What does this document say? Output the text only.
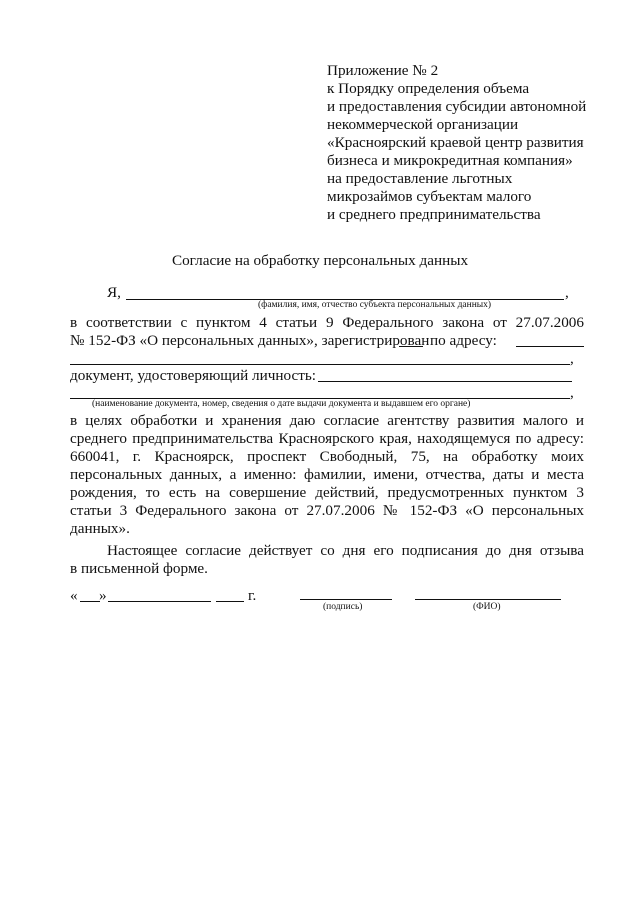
Приложение № 2
к Порядку определения объема
и предоставления субсидии автономной
некоммерческой организации
«Красноярский краевой центр развития
бизнеса и микрокредитная компания»
на предоставление льготных
микрозаймов субъектам малого
и среднего предпринимательства
Согласие на обработку персональных данных
Я,	,
(фамилия, имя, отчество субъекта персональных данных)
в соответствии с пунктом 4 статьи 9 Федерального закона от 27.07.2006
№ 152-ФЗ «О персональных данных», зарегистрирован по адресу:
,
документ, удостоверяющий личность:
,
(наименование документа, номер, сведения о дате выдачи документа и выдавшем его органе)
в целях обработки и хранения даю согласие агентству развития малого и
среднего предпринимательства Красноярского края, находящемуся по адресу:
660041, г. Красноярск, проспект Свободный, 75, на обработку моих
персональных данных, а именно: фамилии, имени, отчества, даты и места
рождения, то есть на совершение действий, предусмотренных пунктом 3
статьи 3 Федерального закона от 27.07.2006 № 152-ФЗ «О персональных
данных».
Настоящее согласие действует со дня его подписания до дня отзыва
в письменной форме.
« »	г.
(подпись)	(ФИО)
